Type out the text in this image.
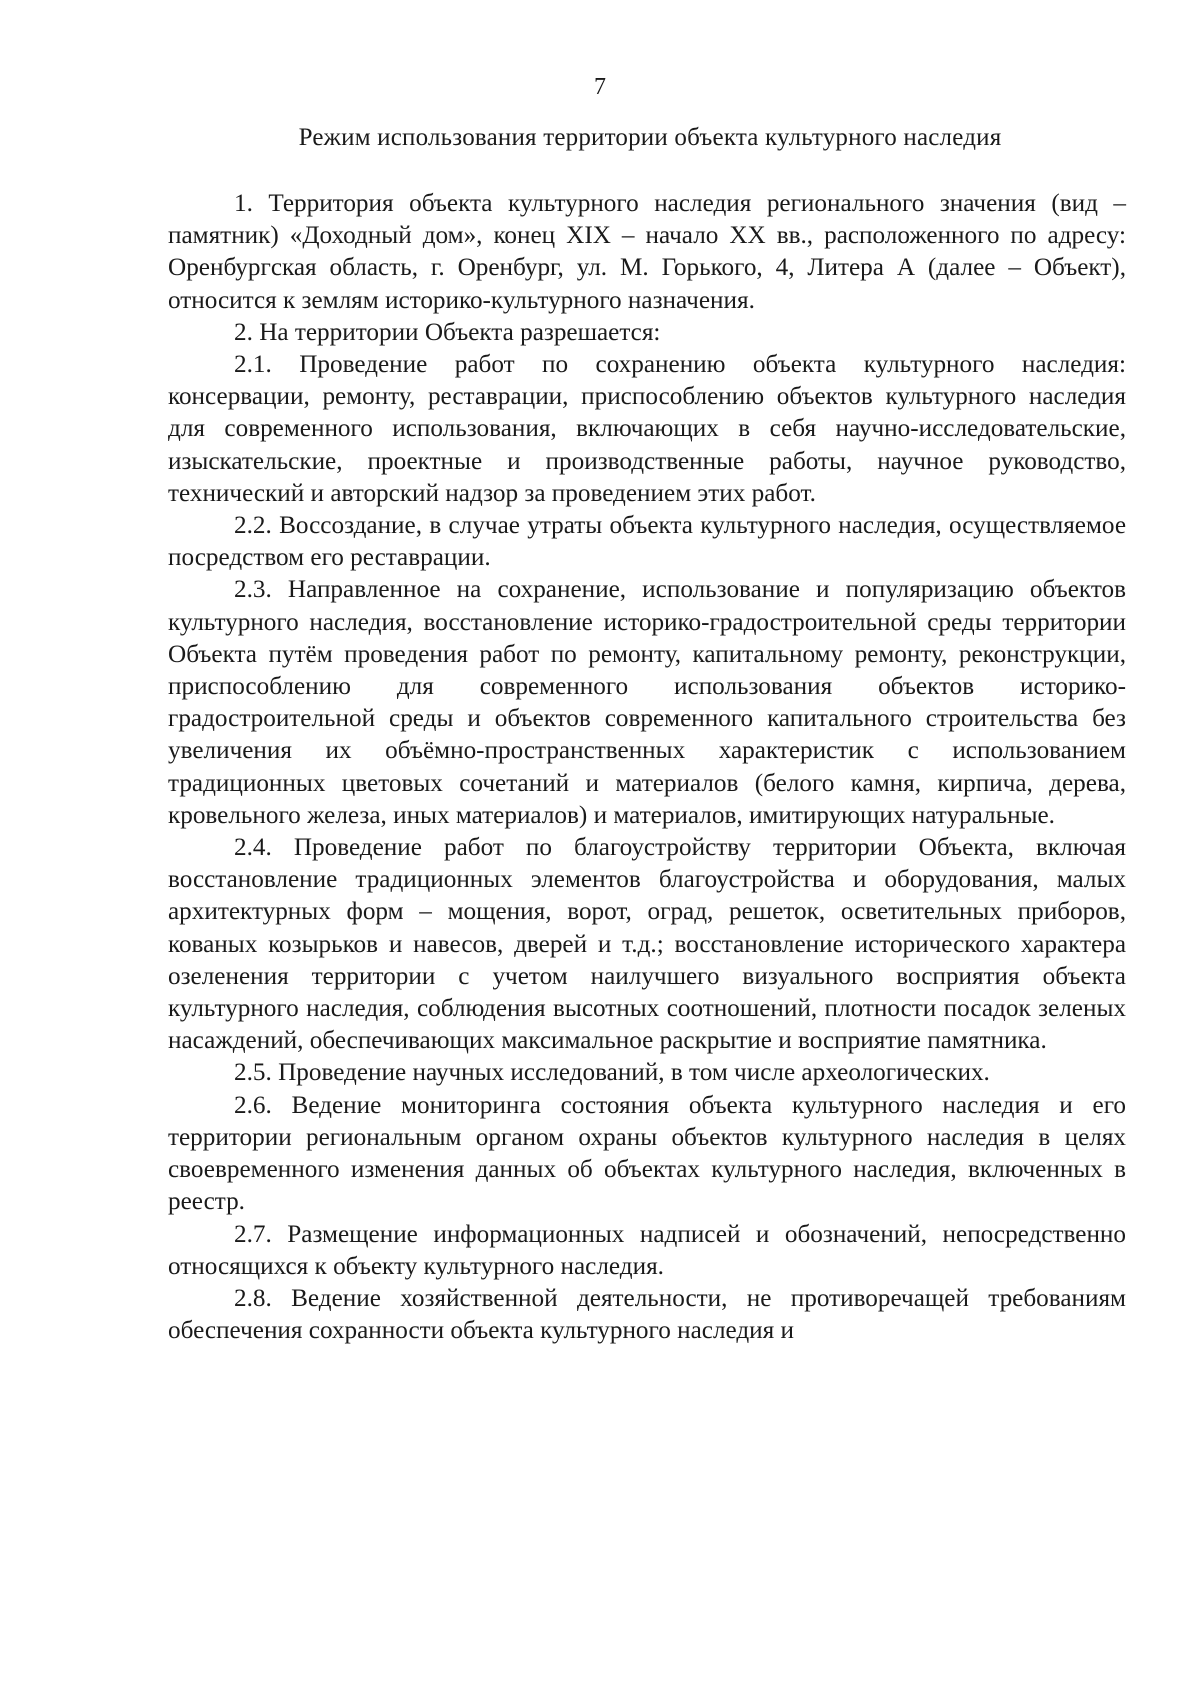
7
Режим использования территории объекта культурного наследия

1. Территория объекта культурного наследия регионального значения (вид – памятник) «Доходный дом», конец XIX – начало XX вв., расположенного по адресу: Оренбургская область, г. Оренбург, ул. М. Горького, 4, Литера А (далее – Объект), относится к землям историко-культурного назначения.

2. На территории Объекта разрешается:

2.1. Проведение работ по сохранению объекта культурного наследия: консервации, ремонту, реставрации, приспособлению объектов культурного наследия для современного использования, включающих в себя научно-исследовательские, изыскательские, проектные и производственные работы, научное руководство, технический и авторский надзор за проведением этих работ.

2.2. Воссоздание, в случае утраты объекта культурного наследия, осуществляемое посредством его реставрации.

2.3. Направленное на сохранение, использование и популяризацию объектов культурного наследия, восстановление историко-градостроительной среды территории Объекта путём проведения работ по ремонту, капитальному ремонту, реконструкции, приспособлению для современного использования объектов историко-градостроительной среды и объектов современного капитального строительства без увеличения их объёмно-пространственных характеристик с использованием традиционных цветовых сочетаний и материалов (белого камня, кирпича, дерева, кровельного железа, иных материалов) и материалов, имитирующих натуральные.

2.4. Проведение работ по благоустройству территории Объекта, включая восстановление традиционных элементов благоустройства и оборудования, малых архитектурных форм – мощения, ворот, оград, решеток, осветительных приборов, кованых козырьков и навесов, дверей и т.д.; восстановление исторического характера озеленения территории с учетом наилучшего визуального восприятия объекта культурного наследия, соблюдения высотных соотношений, плотности посадок зеленых насаждений, обеспечивающих максимальное раскрытие и восприятие памятника.

2.5. Проведение научных исследований, в том числе археологических.

2.6. Ведение мониторинга состояния объекта культурного наследия и его территории региональным органом охраны объектов культурного наследия в целях своевременного изменения данных об объектах культурного наследия, включенных в реестр.

2.7. Размещение информационных надписей и обозначений, непосредственно относящихся к объекту культурного наследия.

2.8. Ведение хозяйственной деятельности, не противоречащей требованиям обеспечения сохранности объекта культурного наследия и
